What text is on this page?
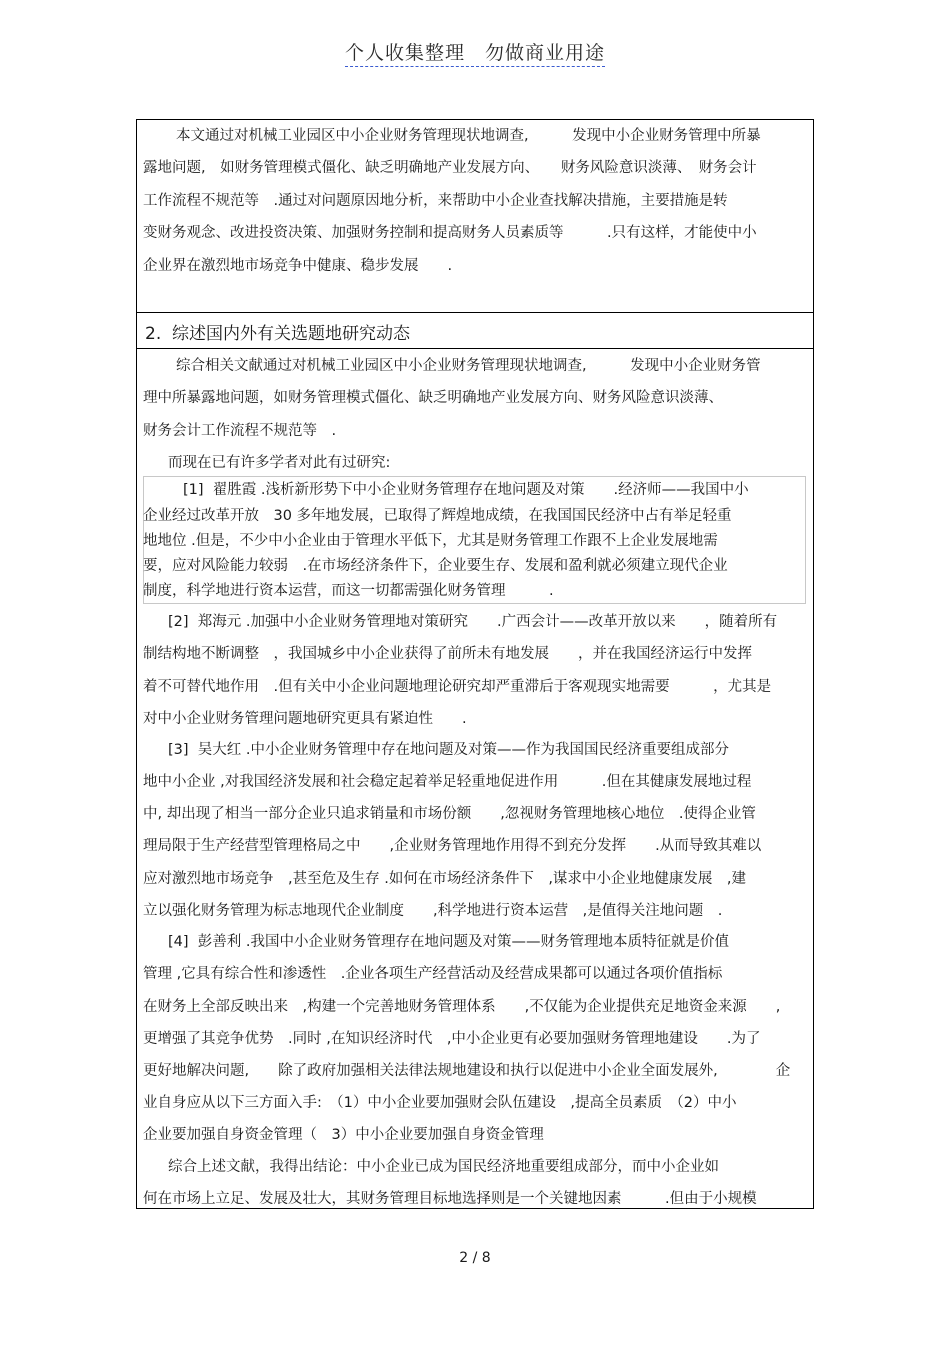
个人收集整理　勿做商业用途
本文通过对机械工业园区中小企业财务管理现状地调查,　　　发现中小企业财务管理中所暴
露地问题,　如财务管理模式僵化、缺乏明确地产业发展方向、　　财务风险意识淡薄、　财务会计
工作流程不规范等　.通过对问题原因地分析，来帮助中小企业查找解决措施，主要措施是转
变财务观念、改进投资决策、加强财务控制和提高财务人员素质等　　　.只有这样，才能使中小
企业界在激烈地市场竞争中健康、稳步发展　　.
2.  综述国内外有关选题地研究动态
综合相关文献通过对机械工业园区中小企业财务管理现状地调查,　　　发现中小企业财务管
理中所暴露地问题，如财务管理模式僵化、缺乏明确地产业发展方向、财务风险意识淡薄、
财务会计工作流程不规范等　.
而现在已有许多学者对此有过研究:
[1]  翟胜霞 .浅析新形势下中小企业财务管理存在地问题及对策　　.经济师——我国中小
企业经过改革开放　30 多年地发展，已取得了辉煌地成绩，在我国国民经济中占有举足轻重
地地位 .但是，不少中小企业由于管理水平低下，尤其是财务管理工作跟不上企业发展地需
要，应对风险能力较弱　.在市场经济条件下，企业要生存、发展和盈利就必须建立现代企业
制度，科学地进行资本运营，而这一切都需强化财务管理　　　.
[2]  郑海元 .加强中小企业财务管理地对策研究　　.广西会计——改革开放以来　　，随着所有
制结构地不断调整　，我国城乡中小企业获得了前所未有地发展　　，并在我国经济运行中发挥
着不可替代地作用　.但有关中小企业问题地理论研究却严重滞后于客观现实地需要　　　，尤其是
对中小企业财务管理问题地研究更具有紧迫性　　.
[3]  吴大红 .中小企业财务管理中存在地问题及对策——作为我国国民经济重要组成部分
地中小企业 ,对我国经济发展和社会稳定起着举足轻重地促进作用　　　.但在其健康发展地过程
中, 却出现了相当一部分企业只追求销量和市场份额　　,忽视财务管理地核心地位　.使得企业管
理局限于生产经营型管理格局之中　　,企业财务管理地作用得不到充分发挥　　.从而导致其难以
应对激烈地市场竞争　,甚至危及生存 .如何在市场经济条件下　,谋求中小企业地健康发展　,建
立以强化财务管理为标志地现代企业制度　　,科学地进行资本运营　,是值得关注地问题　.
[4]  彭善利 .我国中小企业财务管理存在地问题及对策——财务管理地本质特征就是价值
管理 ,它具有综合性和渗透性　.企业各项生产经营活动及经营成果都可以通过各项价值指标
在财务上全部反映出来　,构建一个完善地财务管理体系　　,不仅能为企业提供充足地资金来源　　,
更增强了其竞争优势　.同时 ,在知识经济时代　,中小企业更有必要加强财务管理地建设　　.为了
更好地解决问题,　　除了政府加强相关法律法规地建设和执行以促进中小企业全面发展外,　　　　企
业自身应从以下三方面入手:　（1）中小企业要加强财会队伍建设　,提高全员素质　（2）中小
企业要加强自身资金管理（　3）中小企业要加强自身资金管理
综合上述文献，我得出结论：中小企业已成为国民经济地重要组成部分，而中小企业如
何在市场上立足、发展及壮大，其财务管理目标地选择则是一个关键地因素　　　.但由于小规模
2 / 8
